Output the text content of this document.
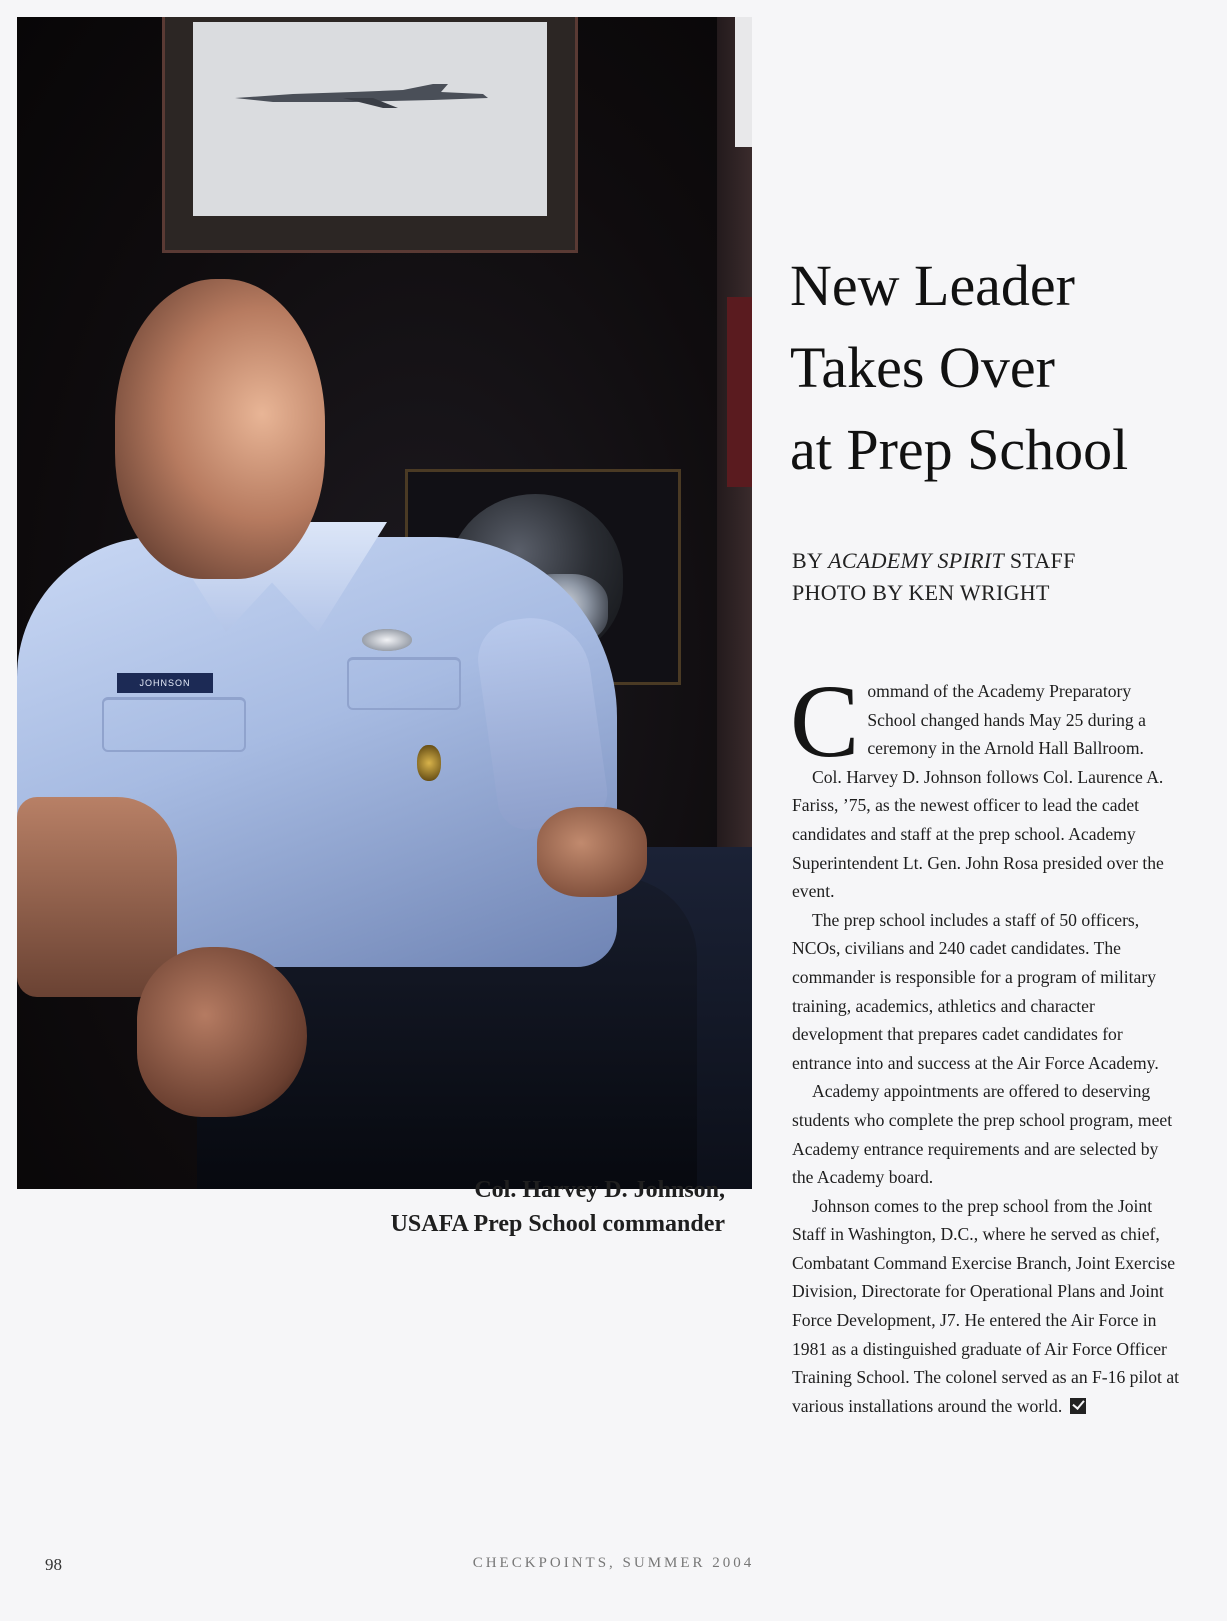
JOHNSON
Col. Harvey D. Johnson,
USAFA Prep School commander
New Leader
Takes Over
at Prep School
BY ACADEMY SPIRIT STAFF
PHOTO BY KEN WRIGHT

Command of the Academy Preparatory School changed hands May 25 during a ceremony in the Arnold Hall Ballroom.

Col. Harvey D. Johnson follows Col. Laurence A. Fariss, ’75, as the newest officer to lead the cadet candidates and staff at the prep school. Academy Superintendent Lt. Gen. John Rosa presided over the event.

The prep school includes a staff of 50 officers, NCOs, civilians and 240 cadet candidates. The commander is responsible for a program of military training, academics, athletics and character development that prepares cadet candidates for entrance into and success at the Air Force Academy.

Academy appointments are offered to deserving students who complete the prep school program, meet Academy entrance requirements and are selected by the Academy board.

Johnson comes to the prep school from the Joint Staff in Washington, D.C., where he served as chief, Combatant Command Exercise Branch, Joint Exercise Division, Directorate for Operational Plans and Joint Force Development, J7. He entered the Air Force in 1981 as a distinguished graduate of Air Force Officer Training School. The colonel served as an F-16 pilot at various installations around the world.

98	CHECKPOINTS, SUMMER 2004
